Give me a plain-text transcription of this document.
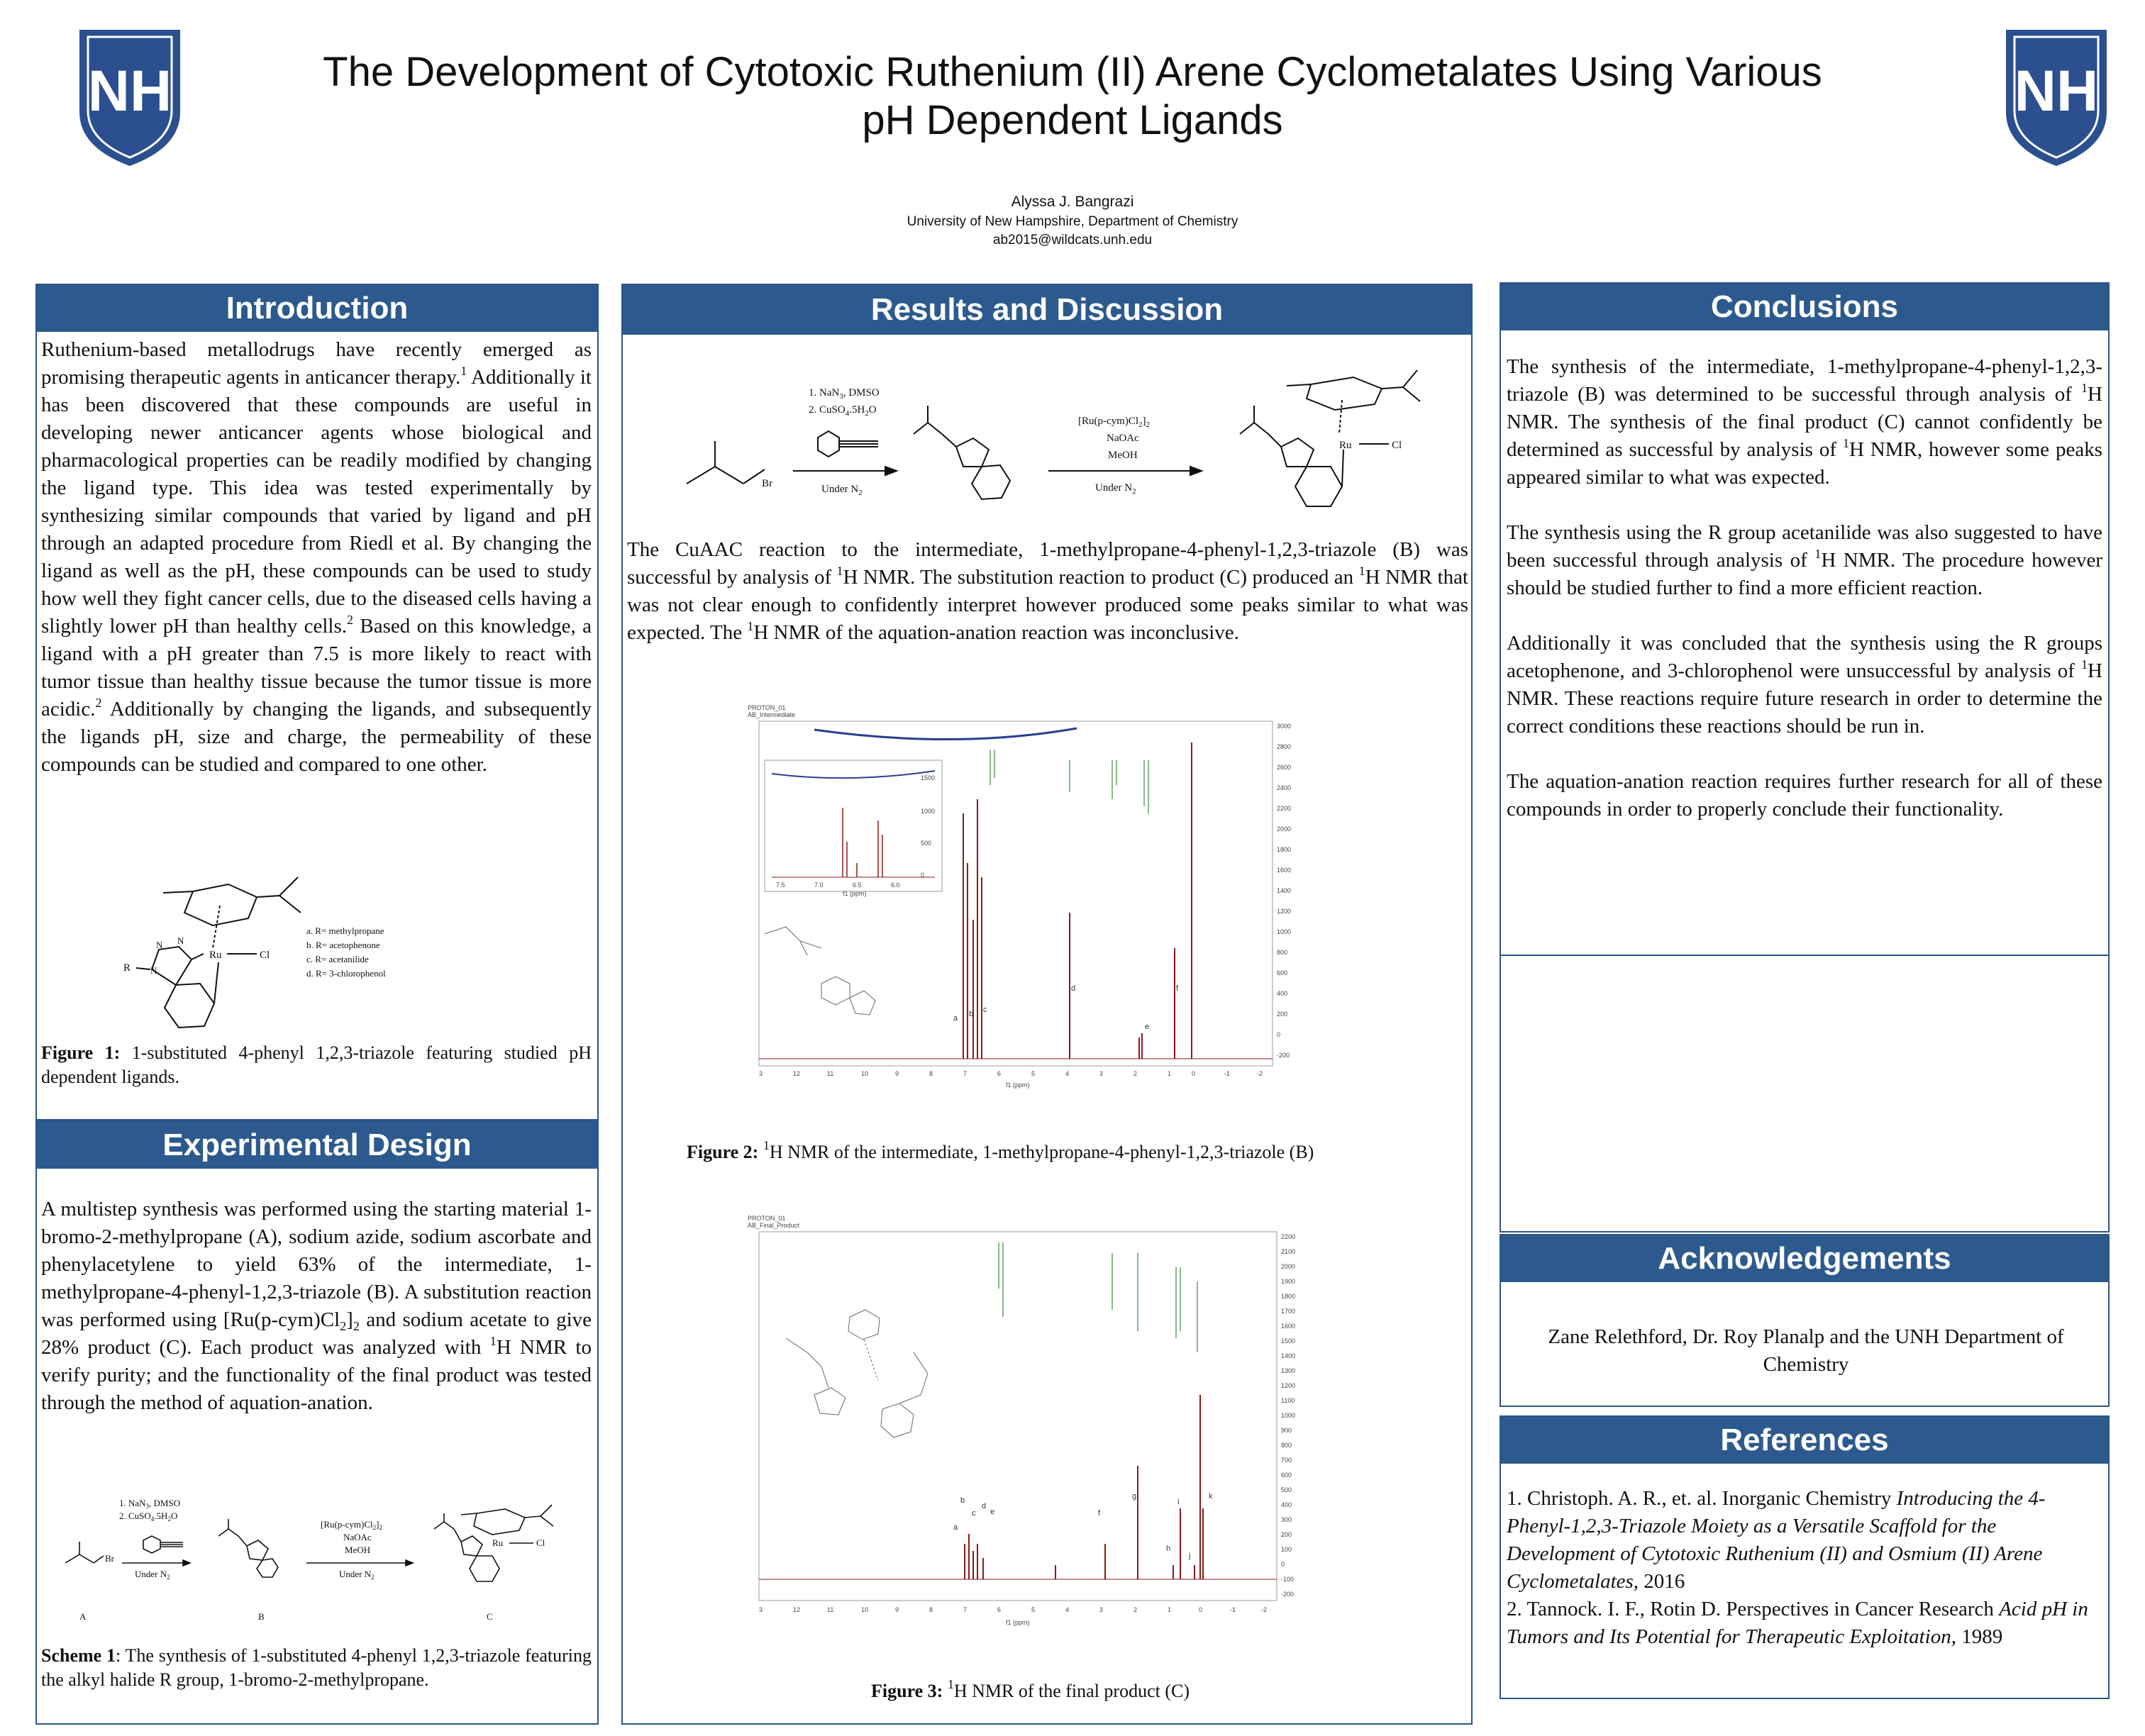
NH	NH
The Development of Cytotoxic Ruthenium (II) Arene Cyclometalates Using Various
pH Dependent Ligands
Alyssa J. Bangrazi
University of New Hampshire, Department of Chemistry
ab2015@wildcats.unh.edu
Introduction

Ruthenium-based metallodrugs have recently emerged as promising therapeutic agents in anticancer therapy.$^1$ Additionally it has been discovered that these compounds are useful in developing newer anticancer agents whose biological and pharmacological properties can be readily modified by changing the ligand type. This idea was tested experimentally by synthesizing similar compounds that varied by ligand and pH through an adapted procedure from Riedl et al. By changing the ligand as well as the pH, these compounds can be used to study how well they fight cancer cells, due to the diseased cells having a slightly lower pH than healthy cells.$^2$ Based on this knowledge, a ligand with a pH greater than 7.5 is more likely to react with tumor tissue than healthy tissue because the tumor tissue is more acidic.$^2$ Additionally by changing the ligands, and subsequently the ligands pH, size and charge, the permeability of these compounds can be studied and compared to one other.

Ru	Cl
R N
N N
a. R= methylpropane
b. R= acetophenone
c. R= acetanilide
d. R= 3-chlorophenol
Figure 1: 1-substituted 4-phenyl 1,2,3-triazole featuring studied pH dependent ligands.
Experimental Design

A multistep synthesis was performed using the starting material 1-bromo-2-methylpropane (A), sodium azide, sodium ascorbate and phenylacetylene to yield 63% of the intermediate, 1-methylpropane-4-phenyl-1,2,3-triazole (B). A substitution reaction was performed using $[Ru(p-cym)Cl_2]_2$ and sodium acetate to give 28% product (C). Each product was analyzed with $^1$H NMR to verify purity; and the functionality of the final product was tested through the method of aquation-anation.

Br
Ru	Cl
1. NaN$_3$, DMSO
2. $CuSO_4.5H_2O$
Under $N_2$
$[Ru(p-cym)Cl_2]_2$
NaOAc
MeOH
Under $N_2$
A	B	C
Scheme 1: The synthesis of 1-substituted 4-phenyl 1,2,3-triazole featuring the alkyl halide R group, 1-bromo-2-methylpropane.
Results and Discussion
Br
Ru	Cl
1. NaN$_3$, DMSO
2. $CuSO_4.5H_2O$
Under $N_2$
$[Ru(p-cym)Cl_2]_2$
NaOAc
MeOH
Under $N_2$

The CuAAC reaction to the intermediate, 1-methylpropane-4-phenyl-1,2,3-triazole (B) was successful by analysis of $^1$H NMR. The substitution reaction to product (C) produced an $^1$H NMR that was not clear enough to confidently interpret however produced some peaks similar to what was expected. The $^1$H NMR of the aquation-anation reaction was inconclusive.

PROTON_01
AB_Intermediate
1500
1000
500
0
7.5	7.0	6.5	6.0
f1 (ppm)
a b c
d
e
f
3000
2800
2600
2400
2200
2000
1800
1600
1400
1200
1000
800
600
400
200
0
-200
3	12	11	10	9	8	7	6	5	4	3	2	1	0	-1	-2
f1 (ppm)
Figure 2: $^1$H NMR of the intermediate, 1-methylpropane-4-phenyl-1,2,3-triazole (B)
PROTON_01
AB_Final_Product
a
b
c
d
e	f
g
h
i
j
k
2200
2100
2000
1900
1800
1700
1600
1500
1400
1300
1200
1100
1000
900
800
700
600
500
400
300
200
100
0
-100
-200
3	12	11	10	9	8	7	6	5	4	3	2	1	0	-1	-2
f1 (ppm)
Figure 3: $^1$H NMR of the final product (C)
Conclusions

The synthesis of the intermediate, 1-methylpropane-4-phenyl-1,2,3-triazole (B) was determined to be successful through analysis of $^1$H NMR. The synthesis of the final product (C) cannot confidently be determined as successful by analysis of $^1$H NMR, however some peaks appeared similar to what was expected.

The synthesis using the R group acetanilide was also suggested to have been successful through analysis of $^1$H NMR. The procedure however should be studied further to find a more efficient reaction.

Additionally it was concluded that the synthesis using the R groups acetophenone, and 3-chlorophenol were unsuccessful by analysis of $^1$H NMR. These reactions require future research in order to determine the correct conditions these reactions should be run in.

The aquation-anation reaction requires further research for all of these compounds in order to properly conclude their functionality.

Acknowledgements
Zane Relethford, Dr. Roy Planalp and the UNH Department of Chemistry
References

1. Christoph. A. R., et. al. Inorganic Chemistry Introducing the 4-Phenyl-1,2,3-Triazole Moiety as a Versatile Scaffold for the Development of Cytotoxic Ruthenium (II) and Osmium (II) Arene Cyclometalates, 2016

2. Tannock. I. F., Rotin D. Perspectives in Cancer Research Acid pH in Tumors and Its Potential for Therapeutic Exploitation, 1989
